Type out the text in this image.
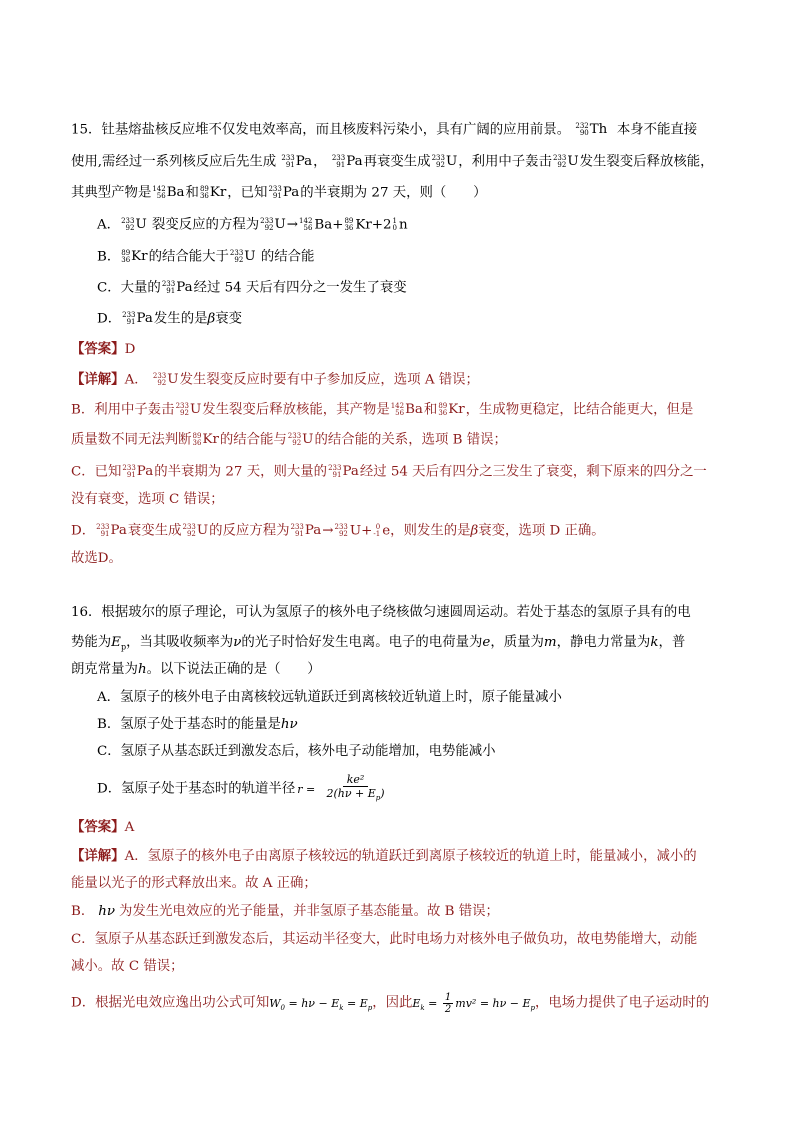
15．钍基熔盐核反应堆不仅发电效率高，而且核废料污染小，具有广阔的应用前景。 232
90 Th 本身不能直接
使用,需经过一系列核反应后先生成 233
91 Pa ， 233
91 Pa 再衰变生成 233
92 U ，利用中子轰击 233
92 U 发生裂变后释放核能，
其典型产物是 142
56 Ba 和 89
36 Kr ，已知 233
91 Pa 的半衰期为 27 天，则（　　）
A． 233
92 U 裂变反应的方程为 233
92 U → 142
56 Ba+ 89
36 Kr+2 1
0 n
B． 89
36 Kr 的结合能大于 233
92 U 的结合能
C．大量的 233
91 Pa 经过 54 天后有四分之一发生了衰变
D． 233
91 Pa 发生的是β衰变
【答案】D
【详解】A． 233
92 U 发生裂变反应时要有中子参加反应，选项 A 错误；
B．利用中子轰击 233
92 U 发生裂变后释放核能，其产物是 142
56 Ba 和 89
36 Kr ，生成物更稳定，比结合能更大，但是
质量数不同无法判断 89
36 Kr 的结合能与 233
92 U 的结合能的关系，选项 B 错误；
C．已知 233
91 Pa 的半衰期为 27 天，则大量的 233
91 Pa 经过 54 天后有四分之三发生了衰变，剩下原来的四分之一
没有衰变，选项 C 错误；
D． 233
91 Pa 衰变生成 233
92 U 的反应方程为 233
91 Pa → 233
92 U+ 0
-1 e，则发生的是β衰变，选项 D 正确。
故选D。
16．根据玻尔的原子理论，可认为氢原子的核外电子绕核做匀速圆周运动。若处于基态的氢原子具有的电
势能为$E_p$，当其吸收频率为ν的光子时恰好发生电离。电子的电荷量为e，质量为m，静电力常量为k，普
朗克常量为h。以下说法正确的是（　　）
A．氢原子的核外电子由离核较远轨道跃迁到离核较近轨道上时，原子能量减小
B．氢原子处于基态时的能量是hν
C．氢原子从基态跃迁到激发态后，核外电子动能增加，电势能减小
D．氢原子处于基态时的轨道半径 $r = \frac{\text{ke²}}{2(h\nu + E_p)}$
【答案】A
【详解】A．氢原子的核外电子由离原子核较远的轨道跃迁到离原子核较近的轨道上时，能量减小，减小的
能量以光子的形式释放出来。故 A 正确；
B． hν 为发生光电效应的光子能量，并非氢原子基态能量。故 B 错误；
C．氢原子从基态跃迁到激发态后，其运动半径变大，此时电场力对核外电子做负功，故电势能增大，动能
减小。故 C 错误；
D．根据光电效应逸出功公式可知$W_0 = h\nu - E_k = E_p$，因此$E_k = \frac{1}{2} mv^2 = h\nu - E_p$，电场力提供了电子运动时的
